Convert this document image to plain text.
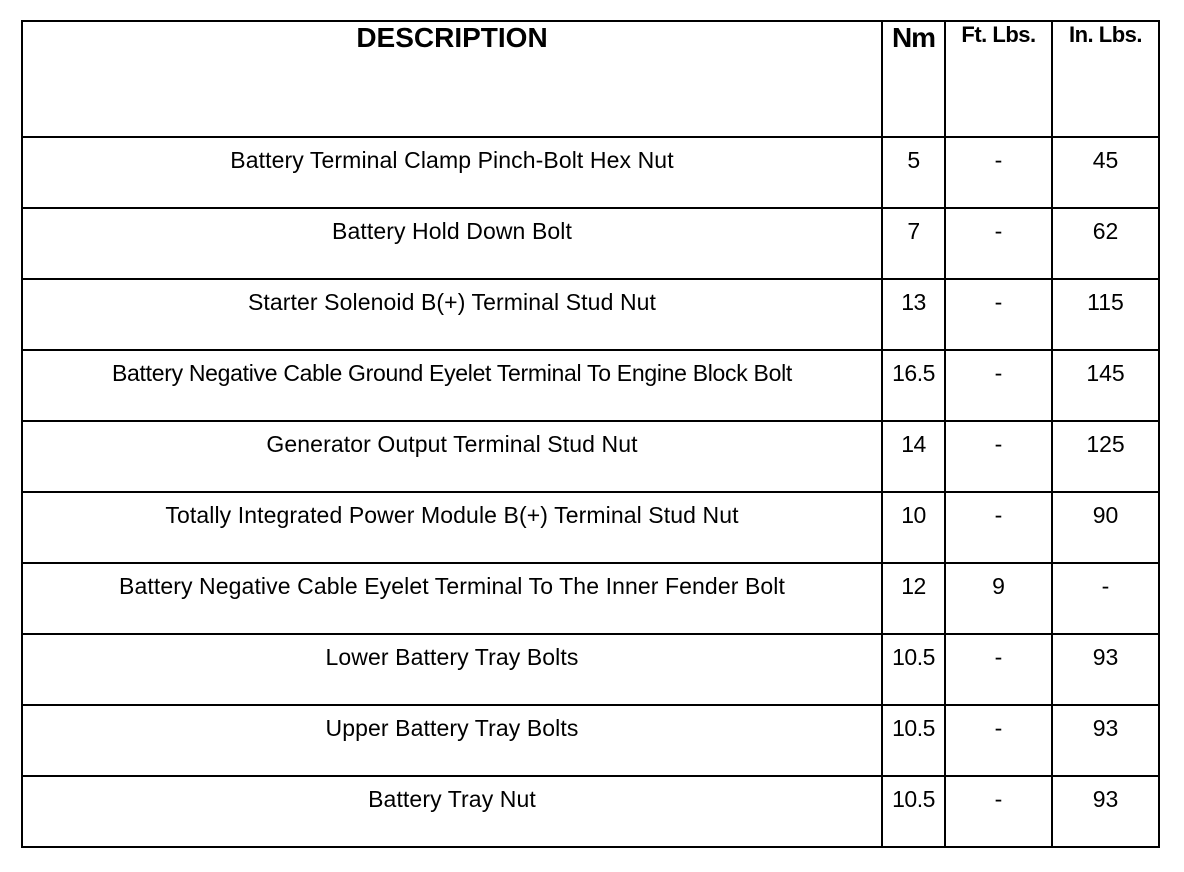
DESCRIPTION	Nm	Ft. Lbs.	In. Lbs.
Battery Terminal Clamp Pinch-Bolt Hex Nut	5	-	45
Battery Hold Down Bolt	7	-	62
Starter Solenoid B(+) Terminal Stud Nut	13	-	115
Battery Negative Cable Ground Eyelet Terminal To Engine Block Bolt	16.5	-	145
Generator Output Terminal Stud Nut	14	-	125
Totally Integrated Power Module B(+) Terminal Stud Nut	10	-	90
Battery Negative Cable Eyelet Terminal To The Inner Fender Bolt	12	9	-
Lower Battery Tray Bolts	10.5	-	93
Upper Battery Tray Bolts	10.5	-	93
Battery Tray Nut	10.5	-	93
